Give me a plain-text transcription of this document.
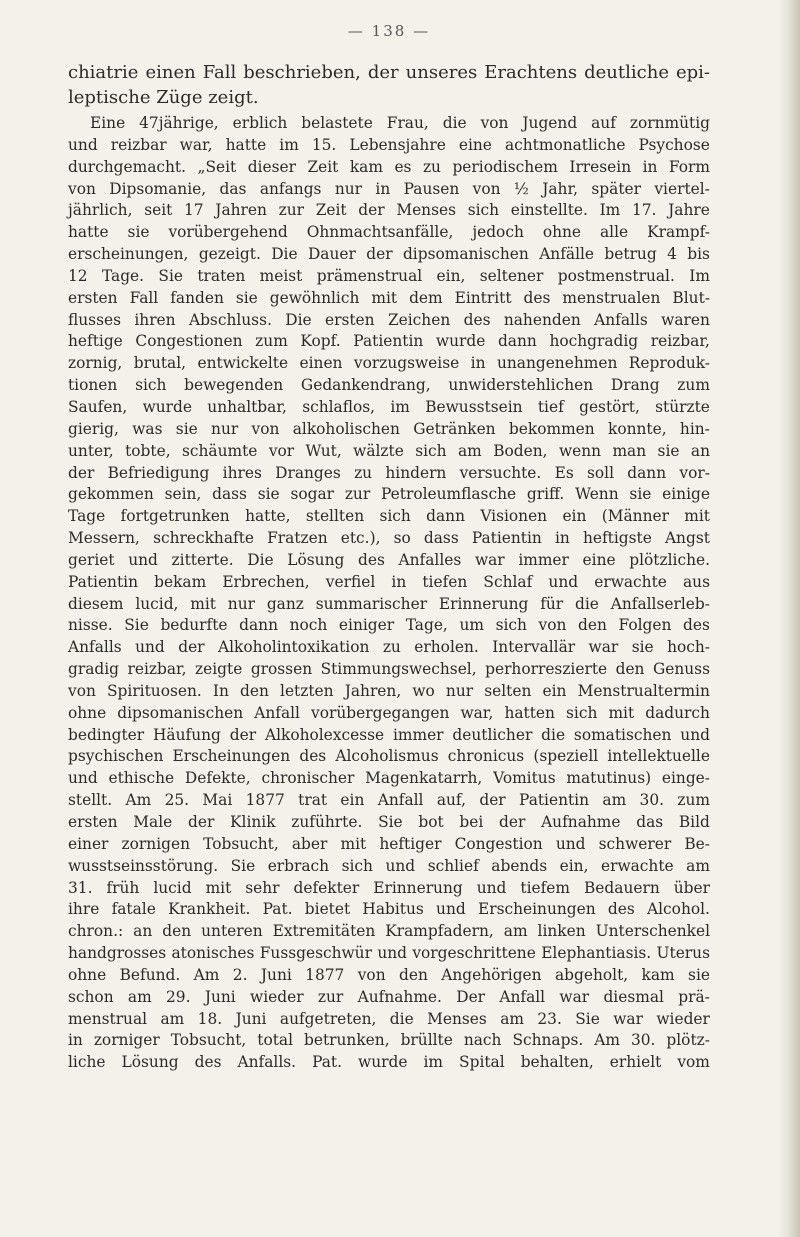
— 138 —
chiatrie einen Fall beschrieben, der unseres Erachtens deutliche epi-
leptische Züge zeigt.
Eine 47jährige, erblich belastete Frau, die von Jugend auf zornmütig
und reizbar war, hatte im 15. Lebensjahre eine achtmonatliche Psychose
durchgemacht. „Seit dieser Zeit kam es zu periodischem Irresein in Form
von Dipsomanie, das anfangs nur in Pausen von ½ Jahr, später viertel-
jährlich, seit 17 Jahren zur Zeit der Menses sich einstellte. Im 17. Jahre
hatte sie vorübergehend Ohnmachtsanfälle, jedoch ohne alle Krampf-
erscheinungen, gezeigt. Die Dauer der dipsomanischen Anfälle betrug 4 bis
12 Tage. Sie traten meist prämenstrual ein, seltener postmenstrual. Im
ersten Fall fanden sie gewöhnlich mit dem Eintritt des menstrualen Blut-
flusses ihren Abschluss. Die ersten Zeichen des nahenden Anfalls waren
heftige Congestionen zum Kopf. Patientin wurde dann hochgradig reizbar,
zornig, brutal, entwickelte einen vorzugsweise in unangenehmen Reproduk-
tionen sich bewegenden Gedankendrang, unwiderstehlichen Drang zum
Saufen, wurde unhaltbar, schlaflos, im Bewusstsein tief gestört, stürzte
gierig, was sie nur von alkoholischen Getränken bekommen konnte, hin-
unter, tobte, schäumte vor Wut, wälzte sich am Boden, wenn man sie an
der Befriedigung ihres Dranges zu hindern versuchte. Es soll dann vor-
gekommen sein, dass sie sogar zur Petroleumflasche griff. Wenn sie einige
Tage fortgetrunken hatte, stellten sich dann Visionen ein (Männer mit
Messern, schreckhafte Fratzen etc.), so dass Patientin in heftigste Angst
geriet und zitterte. Die Lösung des Anfalles war immer eine plötzliche.
Patientin bekam Erbrechen, verfiel in tiefen Schlaf und erwachte aus
diesem lucid, mit nur ganz summarischer Erinnerung für die Anfallserleb-
nisse. Sie bedurfte dann noch einiger Tage, um sich von den Folgen des
Anfalls und der Alkoholintoxikation zu erholen. Intervallär war sie hoch-
gradig reizbar, zeigte grossen Stimmungswechsel, perhorreszierte den Genuss
von Spirituosen. In den letzten Jahren, wo nur selten ein Menstrualtermin
ohne dipsomanischen Anfall vorübergegangen war, hatten sich mit dadurch
bedingter Häufung der Alkoholexcesse immer deutlicher die somatischen und
psychischen Erscheinungen des Alcoholismus chronicus (speziell intellektuelle
und ethische Defekte, chronischer Magenkatarrh, Vomitus matutinus) einge-
stellt. Am 25. Mai 1877 trat ein Anfall auf, der Patientin am 30. zum
ersten Male der Klinik zuführte. Sie bot bei der Aufnahme das Bild
einer zornigen Tobsucht, aber mit heftiger Congestion und schwerer Be-
wusstseinsstörung. Sie erbrach sich und schlief abends ein, erwachte am
31. früh lucid mit sehr defekter Erinnerung und tiefem Bedauern über
ihre fatale Krankheit. Pat. bietet Habitus und Erscheinungen des Alcohol.
chron.: an den unteren Extremitäten Krampfadern, am linken Unterschenkel
handgrosses atonisches Fussgeschwür und vorgeschrittene Elephantiasis. Uterus
ohne Befund. Am 2. Juni 1877 von den Angehörigen abgeholt, kam sie
schon am 29. Juni wieder zur Aufnahme. Der Anfall war diesmal prä-
menstrual am 18. Juni aufgetreten, die Menses am 23. Sie war wieder
in zorniger Tobsucht, total betrunken, brüllte nach Schnaps. Am 30. plötz-
liche Lösung des Anfalls. Pat. wurde im Spital behalten, erhielt vom
